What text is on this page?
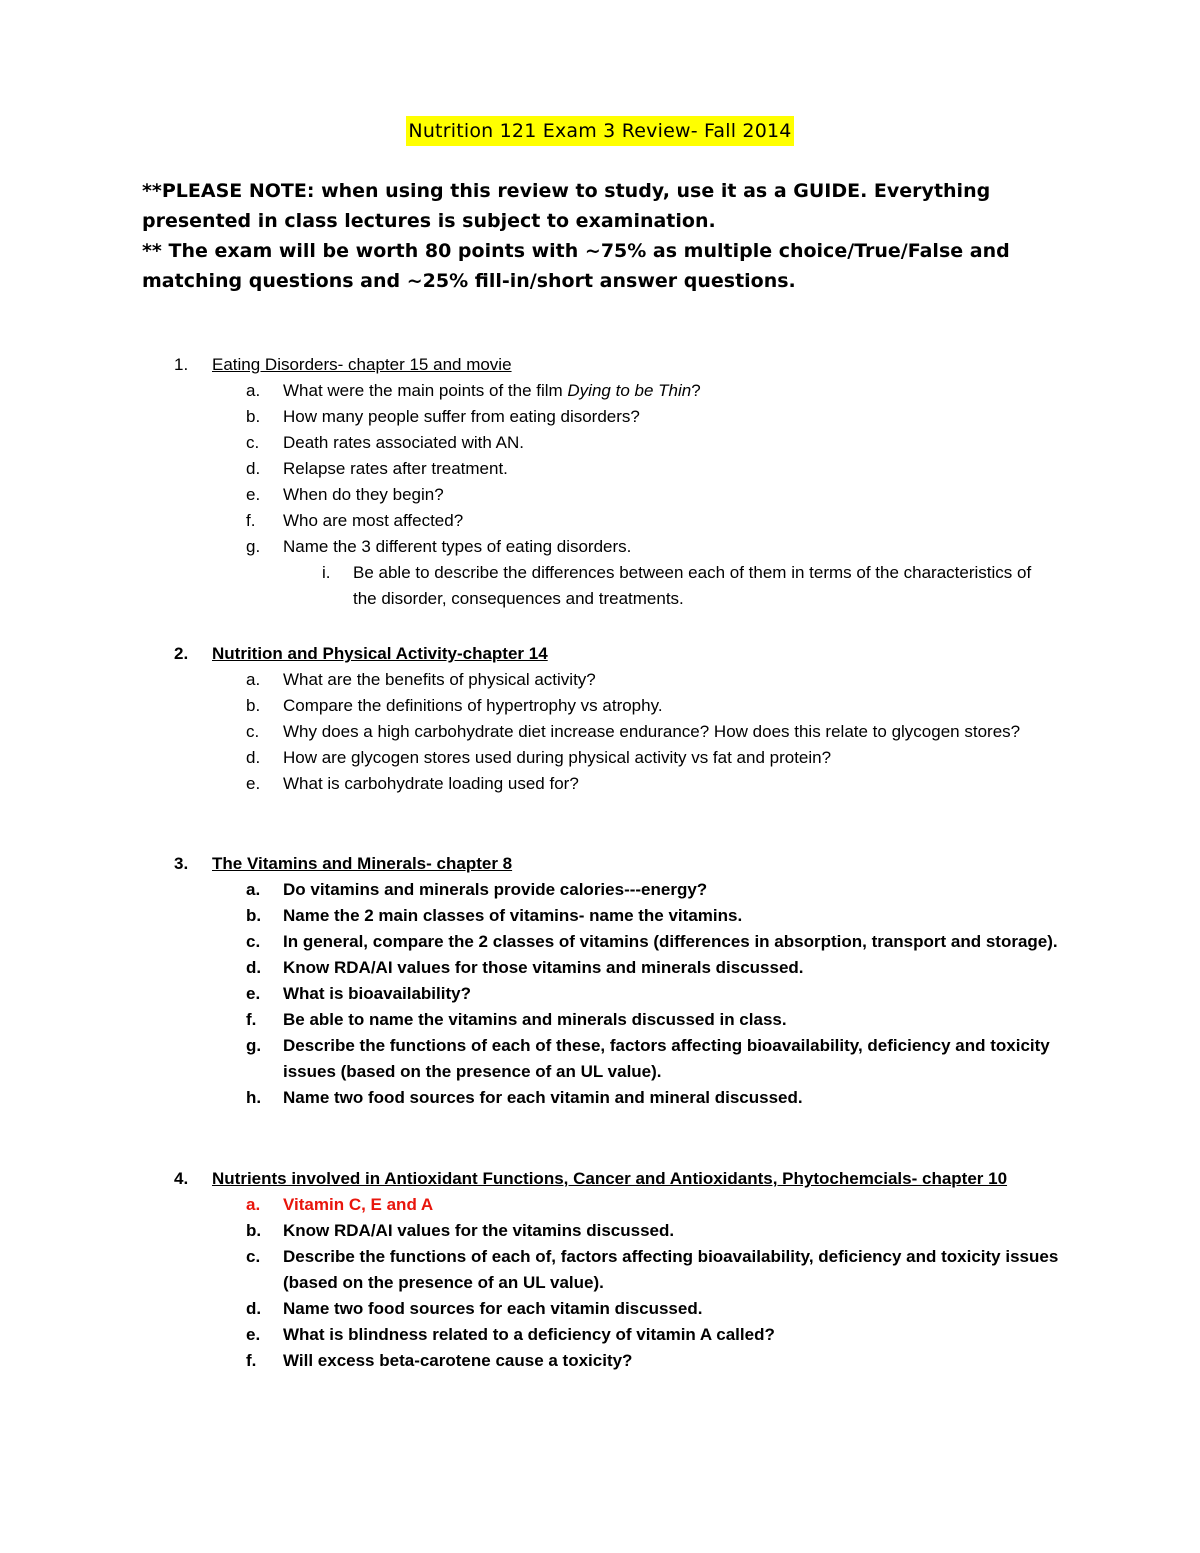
Nutrition 121 Exam 3 Review- Fall 2014
**PLEASE NOTE: when using this review to study, use it as a GUIDE. Everything presented in class lectures is subject to examination.
** The exam will be worth 80 points with ~75% as multiple choice/True/False and matching questions and ~25% fill-in/short answer questions.
1. Eating Disorders- chapter 15 and movie
a. What were the main points of the film Dying to be Thin?
b. How many people suffer from eating disorders?
c. Death rates associated with AN.
d. Relapse rates after treatment.
e. When do they begin?
f. Who are most affected?
g. Name the 3 different types of eating disorders.
i. Be able to describe the differences between each of them in terms of the characteristics of the disorder, consequences and treatments.
2. Nutrition and Physical Activity-chapter 14
a. What are the benefits of physical activity?
b. Compare the definitions of hypertrophy vs atrophy.
c. Why does a high carbohydrate diet increase endurance? How does this relate to glycogen stores?
d. How are glycogen stores used during physical activity vs fat and protein?
e. What is carbohydrate loading used for?
3. The Vitamins and Minerals- chapter 8
a. Do vitamins and minerals provide calories---energy?
b. Name the 2 main classes of vitamins- name the vitamins.
c. In general, compare the 2 classes of vitamins (differences in absorption, transport and storage).
d. Know RDA/AI values for those vitamins and minerals discussed.
e. What is bioavailability?
f. Be able to name the vitamins and minerals discussed in class.
g. Describe the functions of each of these, factors affecting bioavailability, deficiency and toxicity issues (based on the presence of an UL value).
h. Name two food sources for each vitamin and mineral discussed.
4. Nutrients involved in Antioxidant Functions, Cancer and Antioxidants, Phytochemcials- chapter 10
a. Vitamin C, E and A
b. Know RDA/AI values for the vitamins discussed.
c. Describe the functions of each of, factors affecting bioavailability, deficiency and toxicity issues (based on the presence of an UL value).
d. Name two food sources for each vitamin discussed.
e. What is blindness related to a deficiency of vitamin A called?
f. Will excess beta-carotene cause a toxicity?
